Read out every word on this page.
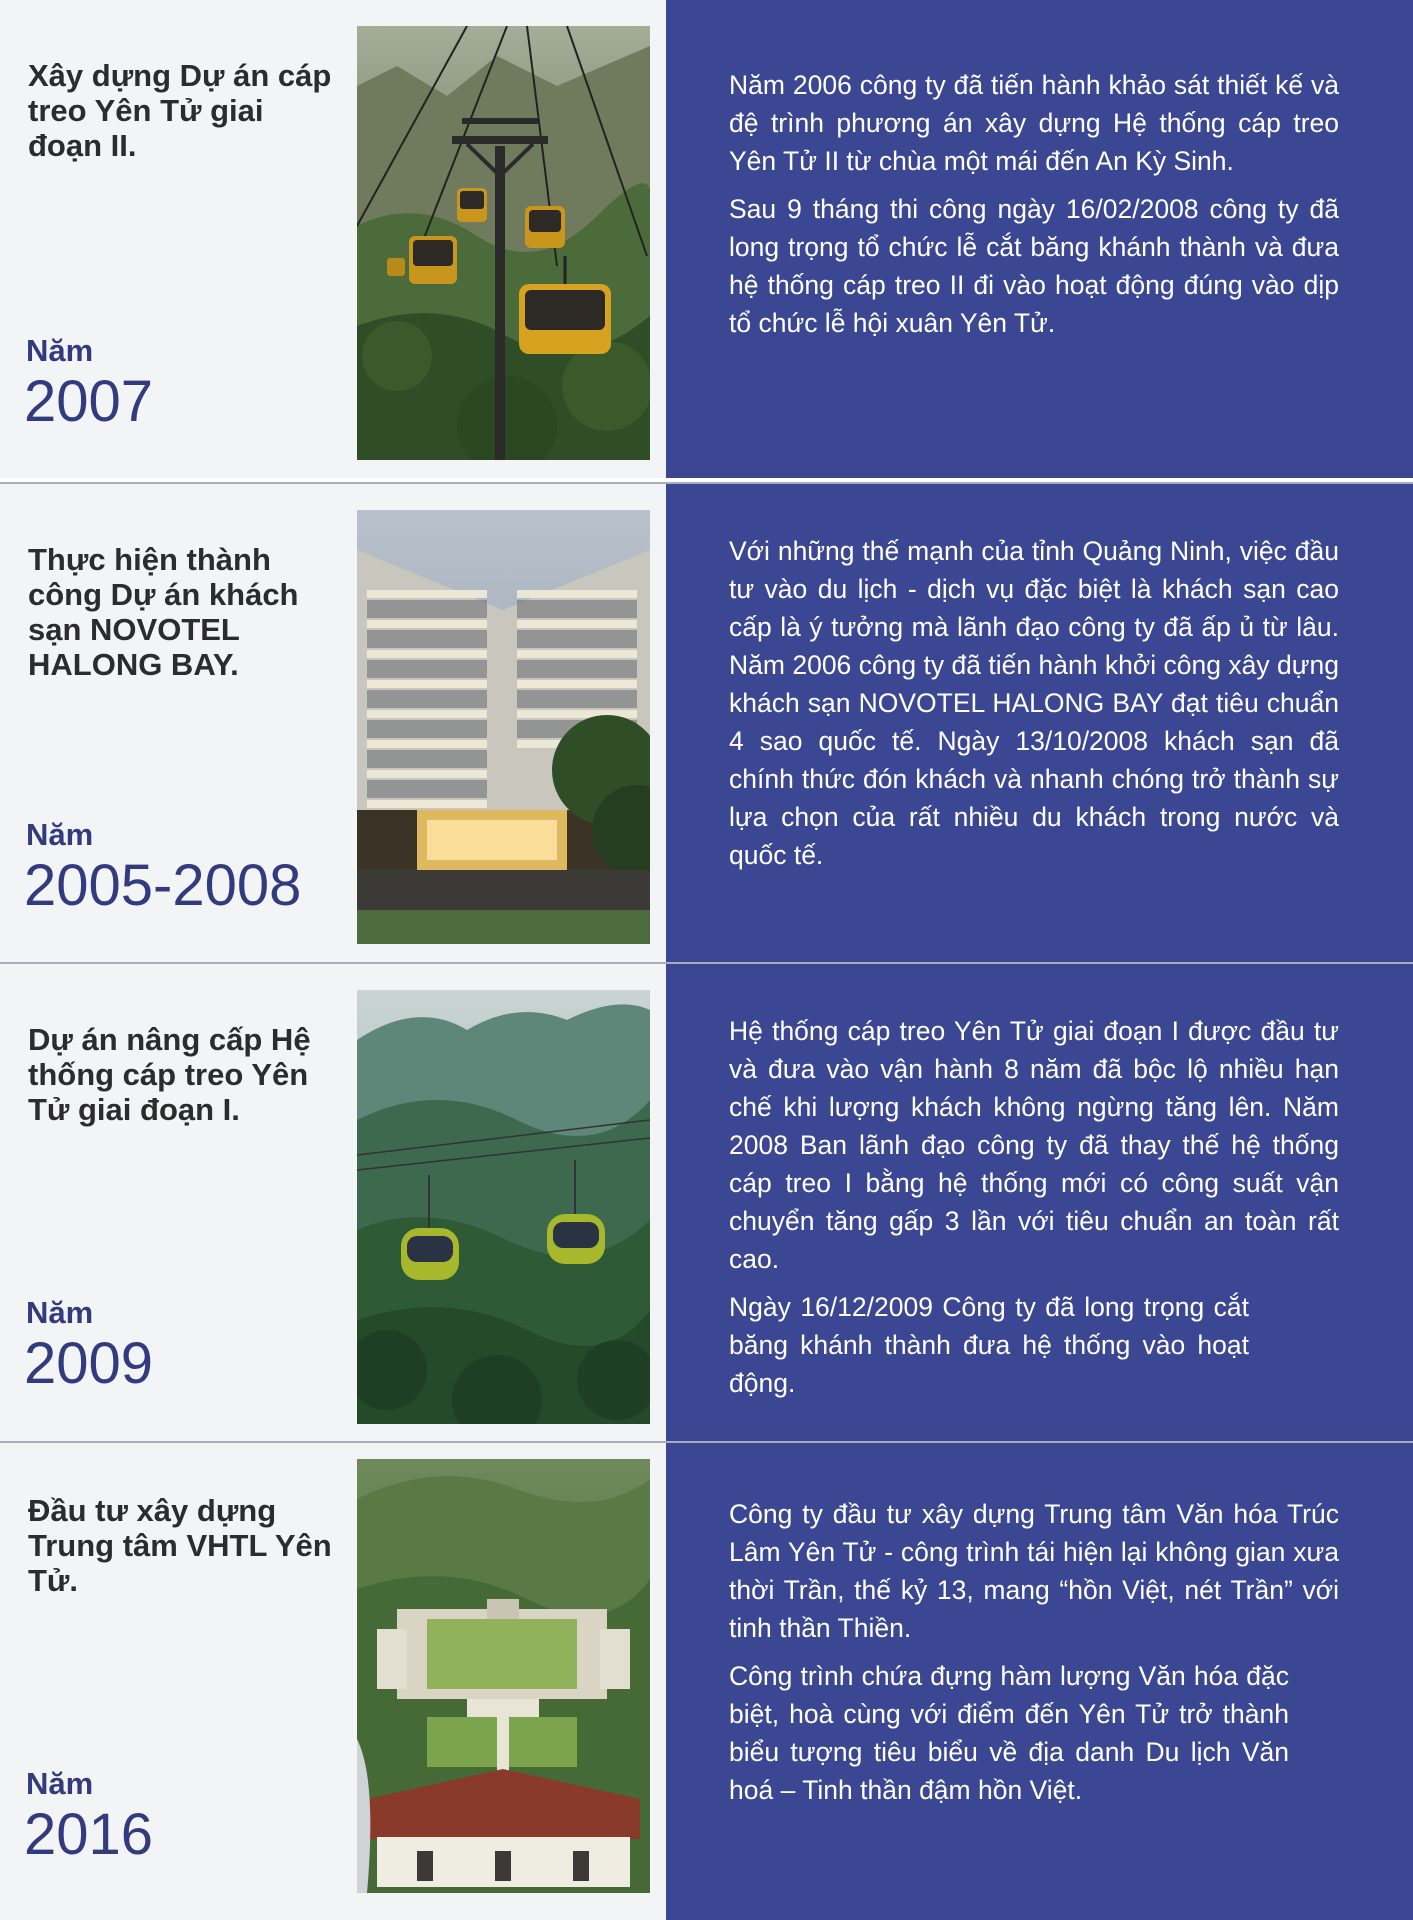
Xây dựng Dự án cáp treo Yên Tử giai đoạn II.
Năm
2007

Năm 2006 công ty đã tiến hành khảo sát thiết kế và đệ trình phương án xây dựng Hệ thống cáp treo Yên Tử II từ chùa một mái đến An Kỳ Sinh.

Sau 9 tháng thi công ngày 16/02/2008 công ty đã long trọng tổ chức lễ cắt băng khánh thành và đưa hệ thống cáp treo II đi vào hoạt động đúng vào dịp tổ chức lễ hội xuân Yên Tử.

Thực hiện thành công Dự án khách sạn NOVOTEL HALONG BAY.
Năm
2005-2008

Với những thế mạnh của tỉnh Quảng Ninh, việc đầu tư vào du lịch - dịch vụ đặc biệt là khách sạn cao cấp là ý tưởng mà lãnh đạo công ty đã ấp ủ từ lâu. Năm 2006 công ty đã tiến hành khởi công xây dựng khách sạn NOVOTEL HALONG BAY đạt tiêu chuẩn 4 sao quốc tế. Ngày 13/10/2008 khách sạn đã chính thức đón khách và nhanh chóng trở thành sự lựa chọn của rất nhiều du khách trong nước và quốc tế.

Dự án nâng cấp Hệ thống cáp treo Yên Tử giai đoạn I.
Năm
2009

Hệ thống cáp treo Yên Tử giai đoạn I được đầu tư và đưa vào vận hành 8 năm đã bộc lộ nhiều hạn chế khi lượng khách không ngừng tăng lên. Năm 2008 Ban lãnh đạo công ty đã thay thế hệ thống cáp treo I bằng hệ thống mới có công suất vận chuyển tăng gấp 3 lần với tiêu chuẩn an toàn rất cao.

Ngày 16/12/2009 Công ty đã long trọng cắt băng khánh thành đưa hệ thống vào hoạt động.

Đầu tư xây dựng Trung tâm VHTL Yên Tử.
Năm
2016

Công ty đầu tư xây dựng Trung tâm Văn hóa Trúc Lâm Yên Tử - công trình tái hiện lại không gian xưa thời Trần, thế kỷ 13, mang “hồn Việt, nét Trần” với tinh thần Thiền.

Công trình chứa đựng hàm lượng Văn hóa đặc biệt, hoà cùng với điểm đến Yên Tử trở thành biểu tượng tiêu biểu về địa danh Du lịch Văn hoá – Tinh thần đậm hồn Việt.
